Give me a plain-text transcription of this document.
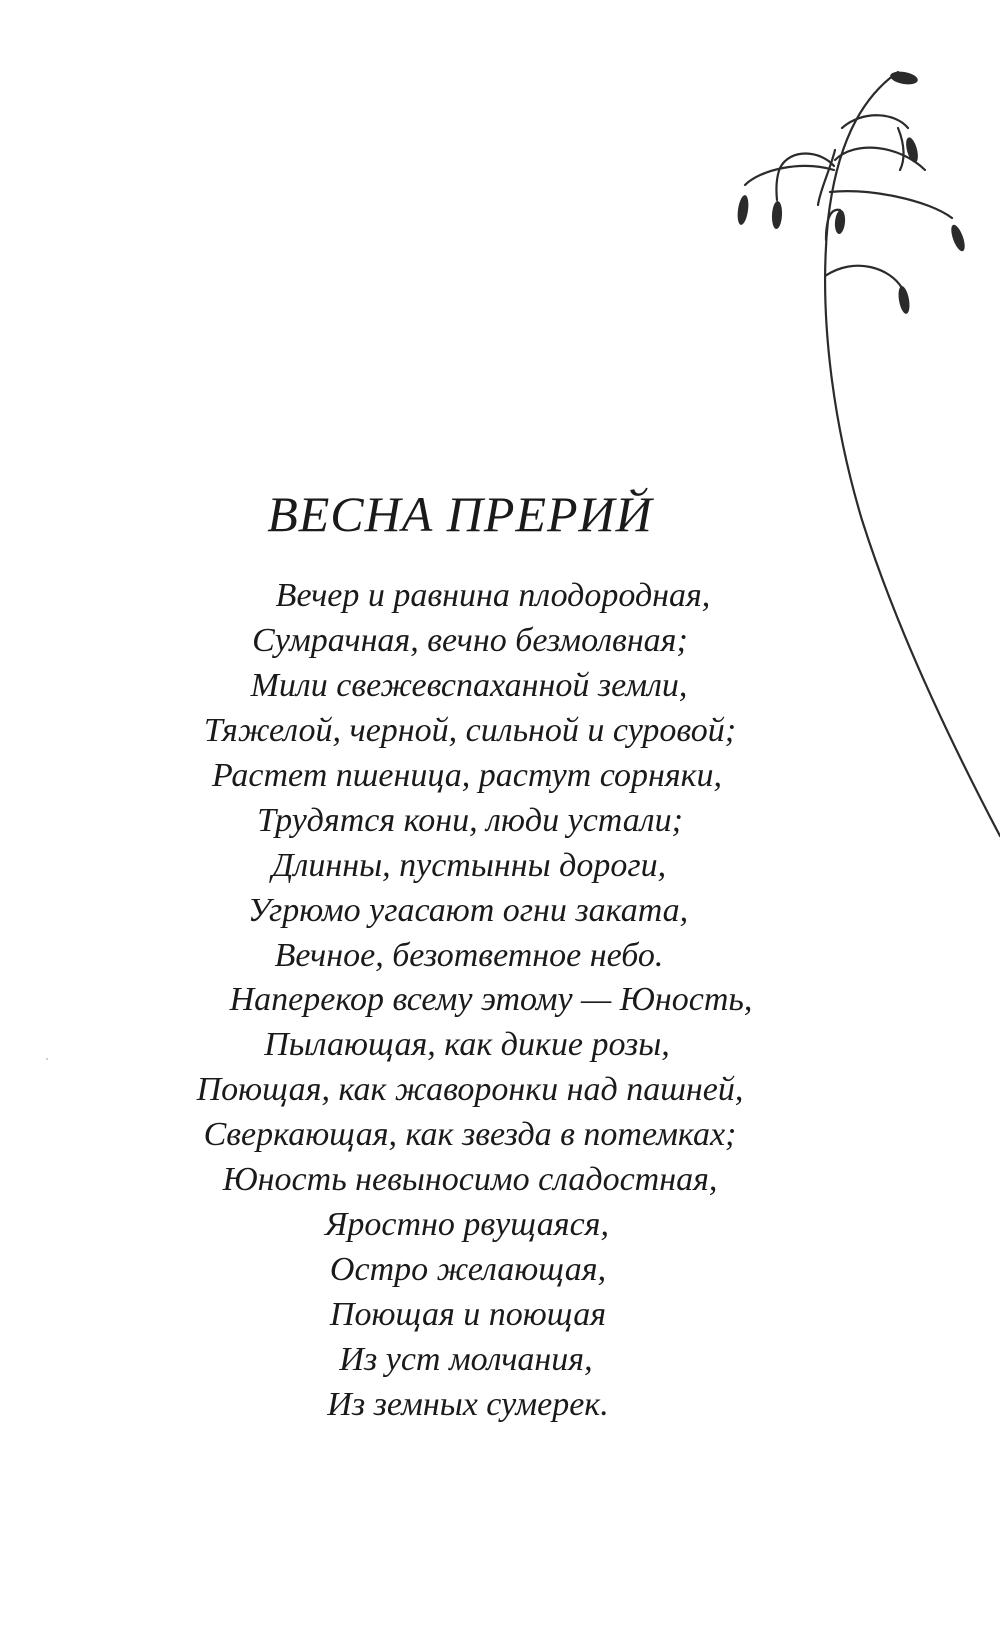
ВЕСНА ПРЕРИЙ
Вечер и равнина плодородная,
Сумрачная, вечно безмолвная;
Мили свежевспаханной земли,
Тяжелой, черной, сильной и суровой;
Растет пшеница, растут сорняки,
Трудятся кони, люди устали;
Длинны, пустынны дороги,
Угрюмо угасают огни заката,
Вечное, безответное небо.
Наперекор всему этому — Юность,
Пылающая, как дикие розы,
Поющая, как жаворонки над пашней,
Сверкающая, как звезда в потемках;
Юность невыносимо сладостная,
Яростно рвущаяся,
Остро желающая,
Поющая и поющая
Из уст молчания,
Из земных сумерек.
